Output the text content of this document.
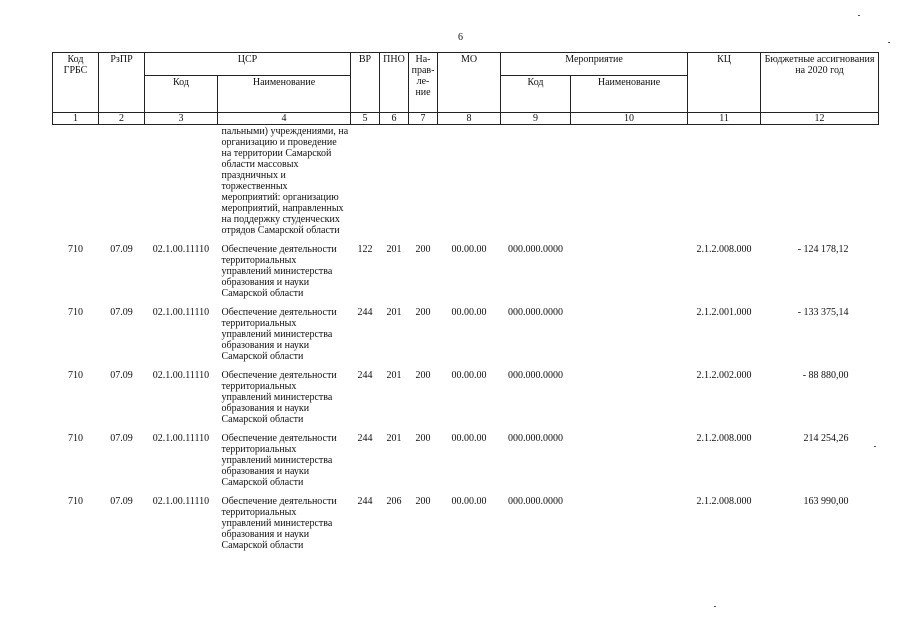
6
Код ГРБС	РзПР	ЦСР		ВР	ПНО	На-прав-ле-ние	МО	Мероприятие		КЦ	Бюджетные ассигнования на 2020 год
		Код	Наименование					Код	Наименование		
1	2	3	4	5	6	7	8	9	10	11	12
			пальными) учреждениями, на организацию и проведение на территории Самарской области массовых праздничных и торжественных мероприятий: организацию мероприятий, направленных на поддержку студенческих отрядов Самарской области								
710	07.09	02.1.00.11110	Обеспечение деятельности территориальных управлений министерства образования и науки Самарской области	122	201	200	00.00.00	000.000.0000		2.1.2.008.000	- 124 178,12
710	07.09	02.1.00.11110	Обеспечение деятельности территориальных управлений министерства образования и науки Самарской области	244	201	200	00.00.00	000.000.0000		2.1.2.001.000	- 133 375,14
710	07.09	02.1.00.11110	Обеспечение деятельности территориальных управлений министерства образования и науки Самарской области	244	201	200	00.00.00	000.000.0000		2.1.2.002.000	- 88 880,00
710	07.09	02.1.00.11110	Обеспечение деятельности территориальных управлений министерства образования и науки Самарской области	244	201	200	00.00.00	000.000.0000		2.1.2.008.000	214 254,26
710	07.09	02.1.00.11110	Обеспечение деятельности территориальных управлений министерства образования и науки Самарской области	244	206	200	00.00.00	000.000.0000		2.1.2.008.000	163 990,00
